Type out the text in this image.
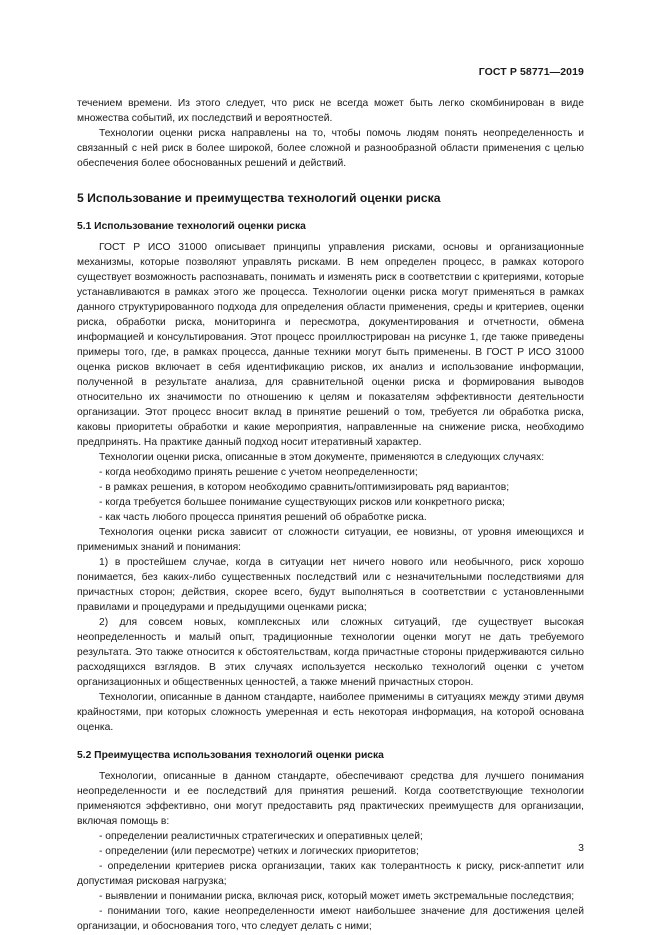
ГОСТ Р 58771—2019

течением времени. Из этого следует, что риск не всегда может быть легко скомбинирован в виде множества событий, их последствий и вероятностей.

Технологии оценки риска направлены на то, чтобы помочь людям понять неопределенность и связанный с ней риск в более широкой, более сложной и разнообразной области применения с целью обеспечения более обоснованных решений и действий.

5 Использование и преимущества технологий оценки риска

5.1 Использование технологий оценки риска

ГОСТ Р ИСО 31000 описывает принципы управления рисками, основы и организационные механизмы, которые позволяют управлять рисками. В нем определен процесс, в рамках которого существует возможность распознавать, понимать и изменять риск в соответствии с критериями, которые устанавливаются в рамках этого же процесса. Технологии оценки риска могут применяться в рамках данного структурированного подхода для определения области применения, среды и критериев, оценки риска, обработки риска, мониторинга и пересмотра, документирования и отчетности, обмена информацией и консультирования. Этот процесс проиллюстрирован на рисунке 1, где также приведены примеры того, где, в рамках процесса, данные техники могут быть применены. В ГОСТ Р ИСО 31000 оценка рисков включает в себя идентификацию рисков, их анализ и использование информации, полученной в результате анализа, для сравнительной оценки риска и формирования выводов относительно их значимости по отношению к целям и показателям эффективности деятельности организации. Этот процесс вносит вклад в принятие решений о том, требуется ли обработка риска, каковы приоритеты обработки и какие мероприятия, направленные на снижение риска, необходимо предпринять. На практике данный подход носит итеративный характер.

Технологии оценки риска, описанные в этом документе, применяются в следующих случаях:

- когда необходимо принять решение с учетом неопределенности;

- в рамках решения, в котором необходимо сравнить/оптимизировать ряд вариантов;

- когда требуется большее понимание существующих рисков или конкретного риска;

- как часть любого процесса принятия решений об обработке риска.

Технология оценки риска зависит от сложности ситуации, ее новизны, от уровня имеющихся и применимых знаний и понимания:

1) в простейшем случае, когда в ситуации нет ничего нового или необычного, риск хорошо понимается, без каких-либо существенных последствий или с незначительными последствиями для причастных сторон; действия, скорее всего, будут выполняться в соответствии с установленными правилами и процедурами и предыдущими оценками риска;

2) для совсем новых, комплексных или сложных ситуаций, где существует высокая неопределенность и малый опыт, традиционные технологии оценки могут не дать требуемого результата. Это также относится к обстоятельствам, когда причастные стороны придерживаются сильно расходящихся взглядов. В этих случаях используется несколько технологий оценки с учетом организационных и общественных ценностей, а также мнений причастных сторон.

Технологии, описанные в данном стандарте, наиболее применимы в ситуациях между этими двумя крайностями, при которых сложность умеренная и есть некоторая информация, на которой основана оценка.

5.2 Преимущества использования технологий оценки риска

Технологии, описанные в данном стандарте, обеспечивают средства для лучшего понимания неопределенности и ее последствий для принятия решений. Когда соответствующие технологии применяются эффективно, они могут предоставить ряд практических преимуществ для организации, включая помощь в:

- определении реалистичных стратегических и оперативных целей;

- определении (или пересмотре) четких и логических приоритетов;

- определении критериев риска организации, таких как толерантность к риску, риск-аппетит или допустимая рисковая нагрузка;

- выявлении и понимании риска, включая риск, который может иметь экстремальные последствия;

- понимании того, какие неопределенности имеют наибольшее значение для достижения целей организации, и обоснования того, что следует делать с ними;

3
